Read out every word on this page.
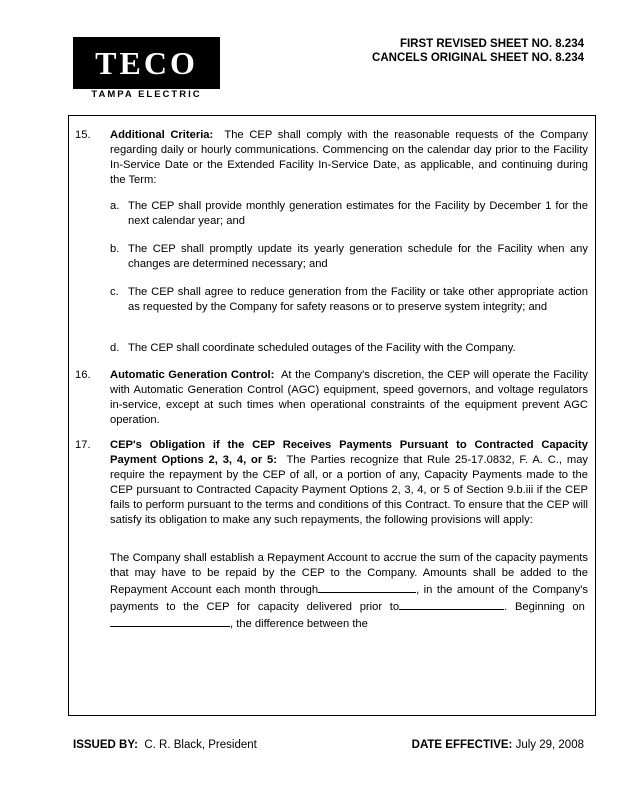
TECO
TAMPA ELECTRIC
FIRST REVISED SHEET NO. 8.234
CANCELS ORIGINAL SHEET NO. 8.234
15. Additional Criteria: The CEP shall comply with the reasonable requests of the Company regarding daily or hourly communications. Commencing on the calendar day prior to the Facility In-Service Date or the Extended Facility In-Service Date, as applicable, and continuing during the Term:
a. The CEP shall provide monthly generation estimates for the Facility by December 1 for the next calendar year; and
b. The CEP shall promptly update its yearly generation schedule for the Facility when any changes are determined necessary; and
c. The CEP shall agree to reduce generation from the Facility or take other appropriate action as requested by the Company for safety reasons or to preserve system integrity; and
d. The CEP shall coordinate scheduled outages of the Facility with the Company.
16. Automatic Generation Control: At the Company's discretion, the CEP will operate the Facility with Automatic Generation Control (AGC) equipment, speed governors, and voltage regulators in-service, except at such times when operational constraints of the equipment prevent AGC operation.
17. CEP's Obligation if the CEP Receives Payments Pursuant to Contracted Capacity Payment Options 2, 3, 4, or 5: The Parties recognize that Rule 25-17.0832, F. A. C., may require the repayment by the CEP of all, or a portion of any, Capacity Payments made to the CEP pursuant to Contracted Capacity Payment Options 2, 3, 4, or 5 of Section 9.b.iii if the CEP fails to perform pursuant to the terms and conditions of this Contract. To ensure that the CEP will satisfy its obligation to make any such repayments, the following provisions will apply:
The Company shall establish a Repayment Account to accrue the sum of the capacity payments that may have to be repaid by the CEP to the Company. Amounts shall be added to the Repayment Account each month through	, in the amount of the Company's payments to the CEP for capacity delivered prior to	. Beginning on , the difference between the
ISSUED BY: C. R. Black, President	DATE EFFECTIVE: July 29, 2008
